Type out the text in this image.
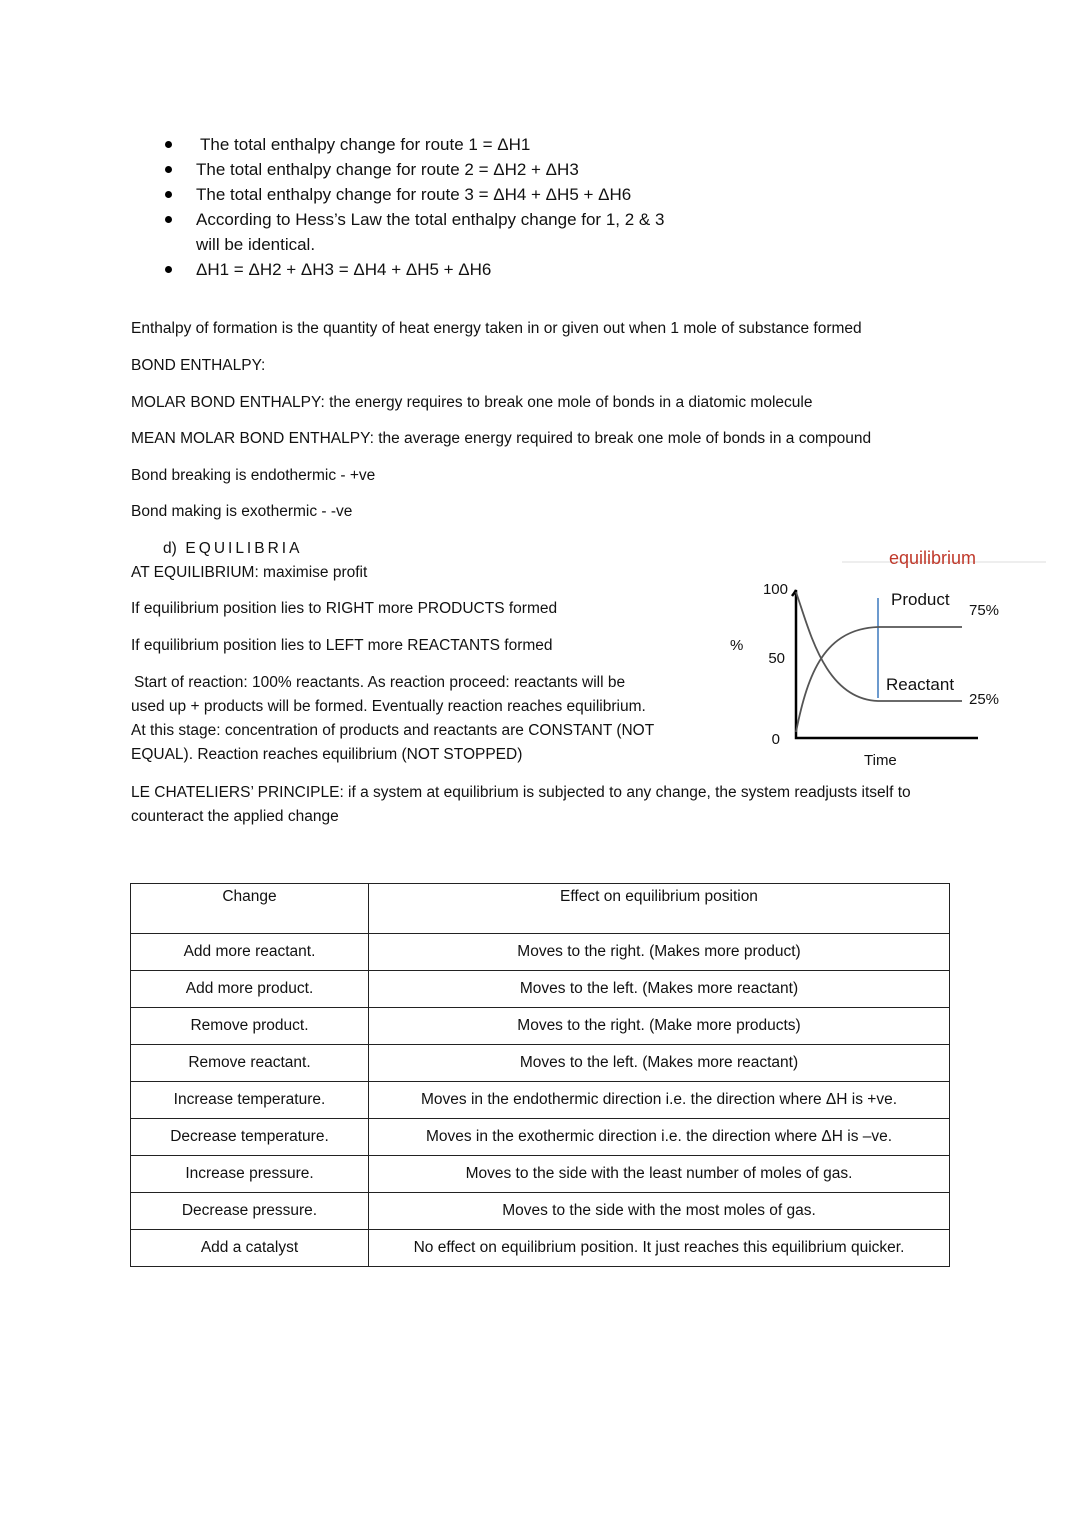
The total enthalpy change for route 1 = ΔH1
The total enthalpy change for route 2 = ΔH2 + ΔH3
The total enthalpy change for route 3 = ΔH4 + ΔH5 + ΔH6
According to Hess’s Law the total enthalpy change for 1, 2 & 3
will be identical.
ΔH1 = ΔH2 + ΔH3 = ΔH4 + ΔH5 + ΔH6
Enthalpy of formation is the quantity of heat energy taken in or given out when 1 mole of substance formed
BOND ENTHALPY:
MOLAR BOND ENTHALPY: the energy requires to break one mole of bonds in a diatomic molecule
MEAN MOLAR BOND ENTHALPY: the average energy required to break one mole of bonds in a compound
Bond breaking is endothermic - +ve
Bond making is exothermic - -ve
d) EQUILIBRIA
AT EQUILIBRIUM: maximise profit
If equilibrium position lies to RIGHT more PRODUCTS formed
If equilibrium position lies to LEFT more REACTANTS formed
Start of reaction: 100% reactants. As reaction proceed: reactants will be
used up + products will be formed. Eventually reaction reaches equilibrium.
At this stage: concentration of products and reactants are CONSTANT (NOT
EQUAL). Reaction reaches equilibrium (NOT STOPPED)
equilibrium
%
100
50
0
Product
Reactant
75%
25%
Time
LE CHATELIERS’ PRINCIPLE: if a system at equilibrium is subjected to any change, the system readjusts itself to
counteract the applied change
Change	Effect on equilibrium position
Add more reactant.	Moves to the right. (Makes more product)
Add more product.	Moves to the left. (Makes more reactant)
Remove product.	Moves to the right. (Make more products)
Remove reactant.	Moves to the left. (Makes more reactant)
Increase temperature.	Moves in the endothermic direction i.e. the direction where ΔH is +ve.
Decrease temperature.	Moves in the exothermic direction i.e. the direction where ΔH is –ve.
Increase pressure.	Moves to the side with the least number of moles of gas.
Decrease pressure.	Moves to the side with the most moles of gas.
Add a catalyst	No effect on equilibrium position. It just reaches this equilibrium quicker.
